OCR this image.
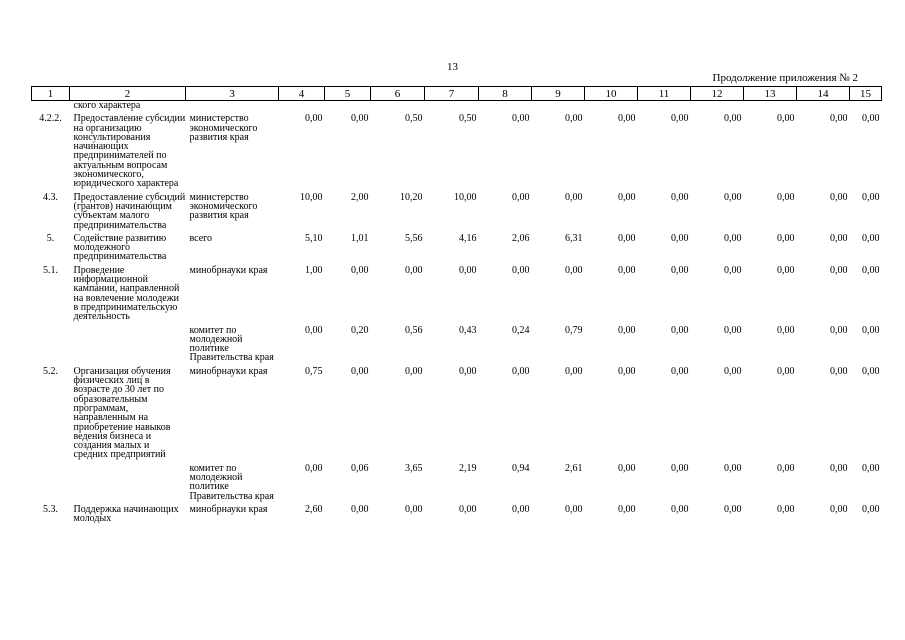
13
Продолжение приложения № 2
1	2	3	4	5	6	7	8	9	10	11	12	13	14	15
	ского характера													
4.2.2.	Предоставление субсидии на организацию консультирования начинающих предпринимателей по актуальным вопросам экономического, юридического характера	министерство экономического развития края	0,00	0,00	0,50	0,50	0,00	0,00	0,00	0,00	0,00	0,00	0,00	0,00
4.3.	Предоставление субсидий (грантов) начинающим субъектам малого предпринимательства	министерство экономического развития края	10,00	2,00	10,20	10,00	0,00	0,00	0,00	0,00	0,00	0,00	0,00	0,00
5.	Содействие развитию молодежного предпринимательства	всего	5,10	1,01	5,56	4,16	2,06	6,31	0,00	0,00	0,00	0,00	0,00	0,00
5.1.	Проведение информационной кампании, направленной на вовлечение молодежи в предпринимательскую деятельность	минобрнауки края	1,00	0,00	0,00	0,00	0,00	0,00	0,00	0,00	0,00	0,00	0,00	0,00
		комитет по молодежной политике Правительства края	0,00	0,20	0,56	0,43	0,24	0,79	0,00	0,00	0,00	0,00	0,00	0,00
5.2.	Организация обучения физических лиц в возрасте до 30 лет по образовательным программам, направленным на приобретение навыков ведения бизнеса и создания малых и средних предприятий	минобрнауки края	0,75	0,00	0,00	0,00	0,00	0,00	0,00	0,00	0,00	0,00	0,00	0,00
		комитет по молодежной политике Правительства края	0,00	0,06	3,65	2,19	0,94	2,61	0,00	0,00	0,00	0,00	0,00	0,00
5.3.	Поддержка начинающих молодых	минобрнауки края	2,60	0,00	0,00	0,00	0,00	0,00	0,00	0,00	0,00	0,00	0,00	0,00
